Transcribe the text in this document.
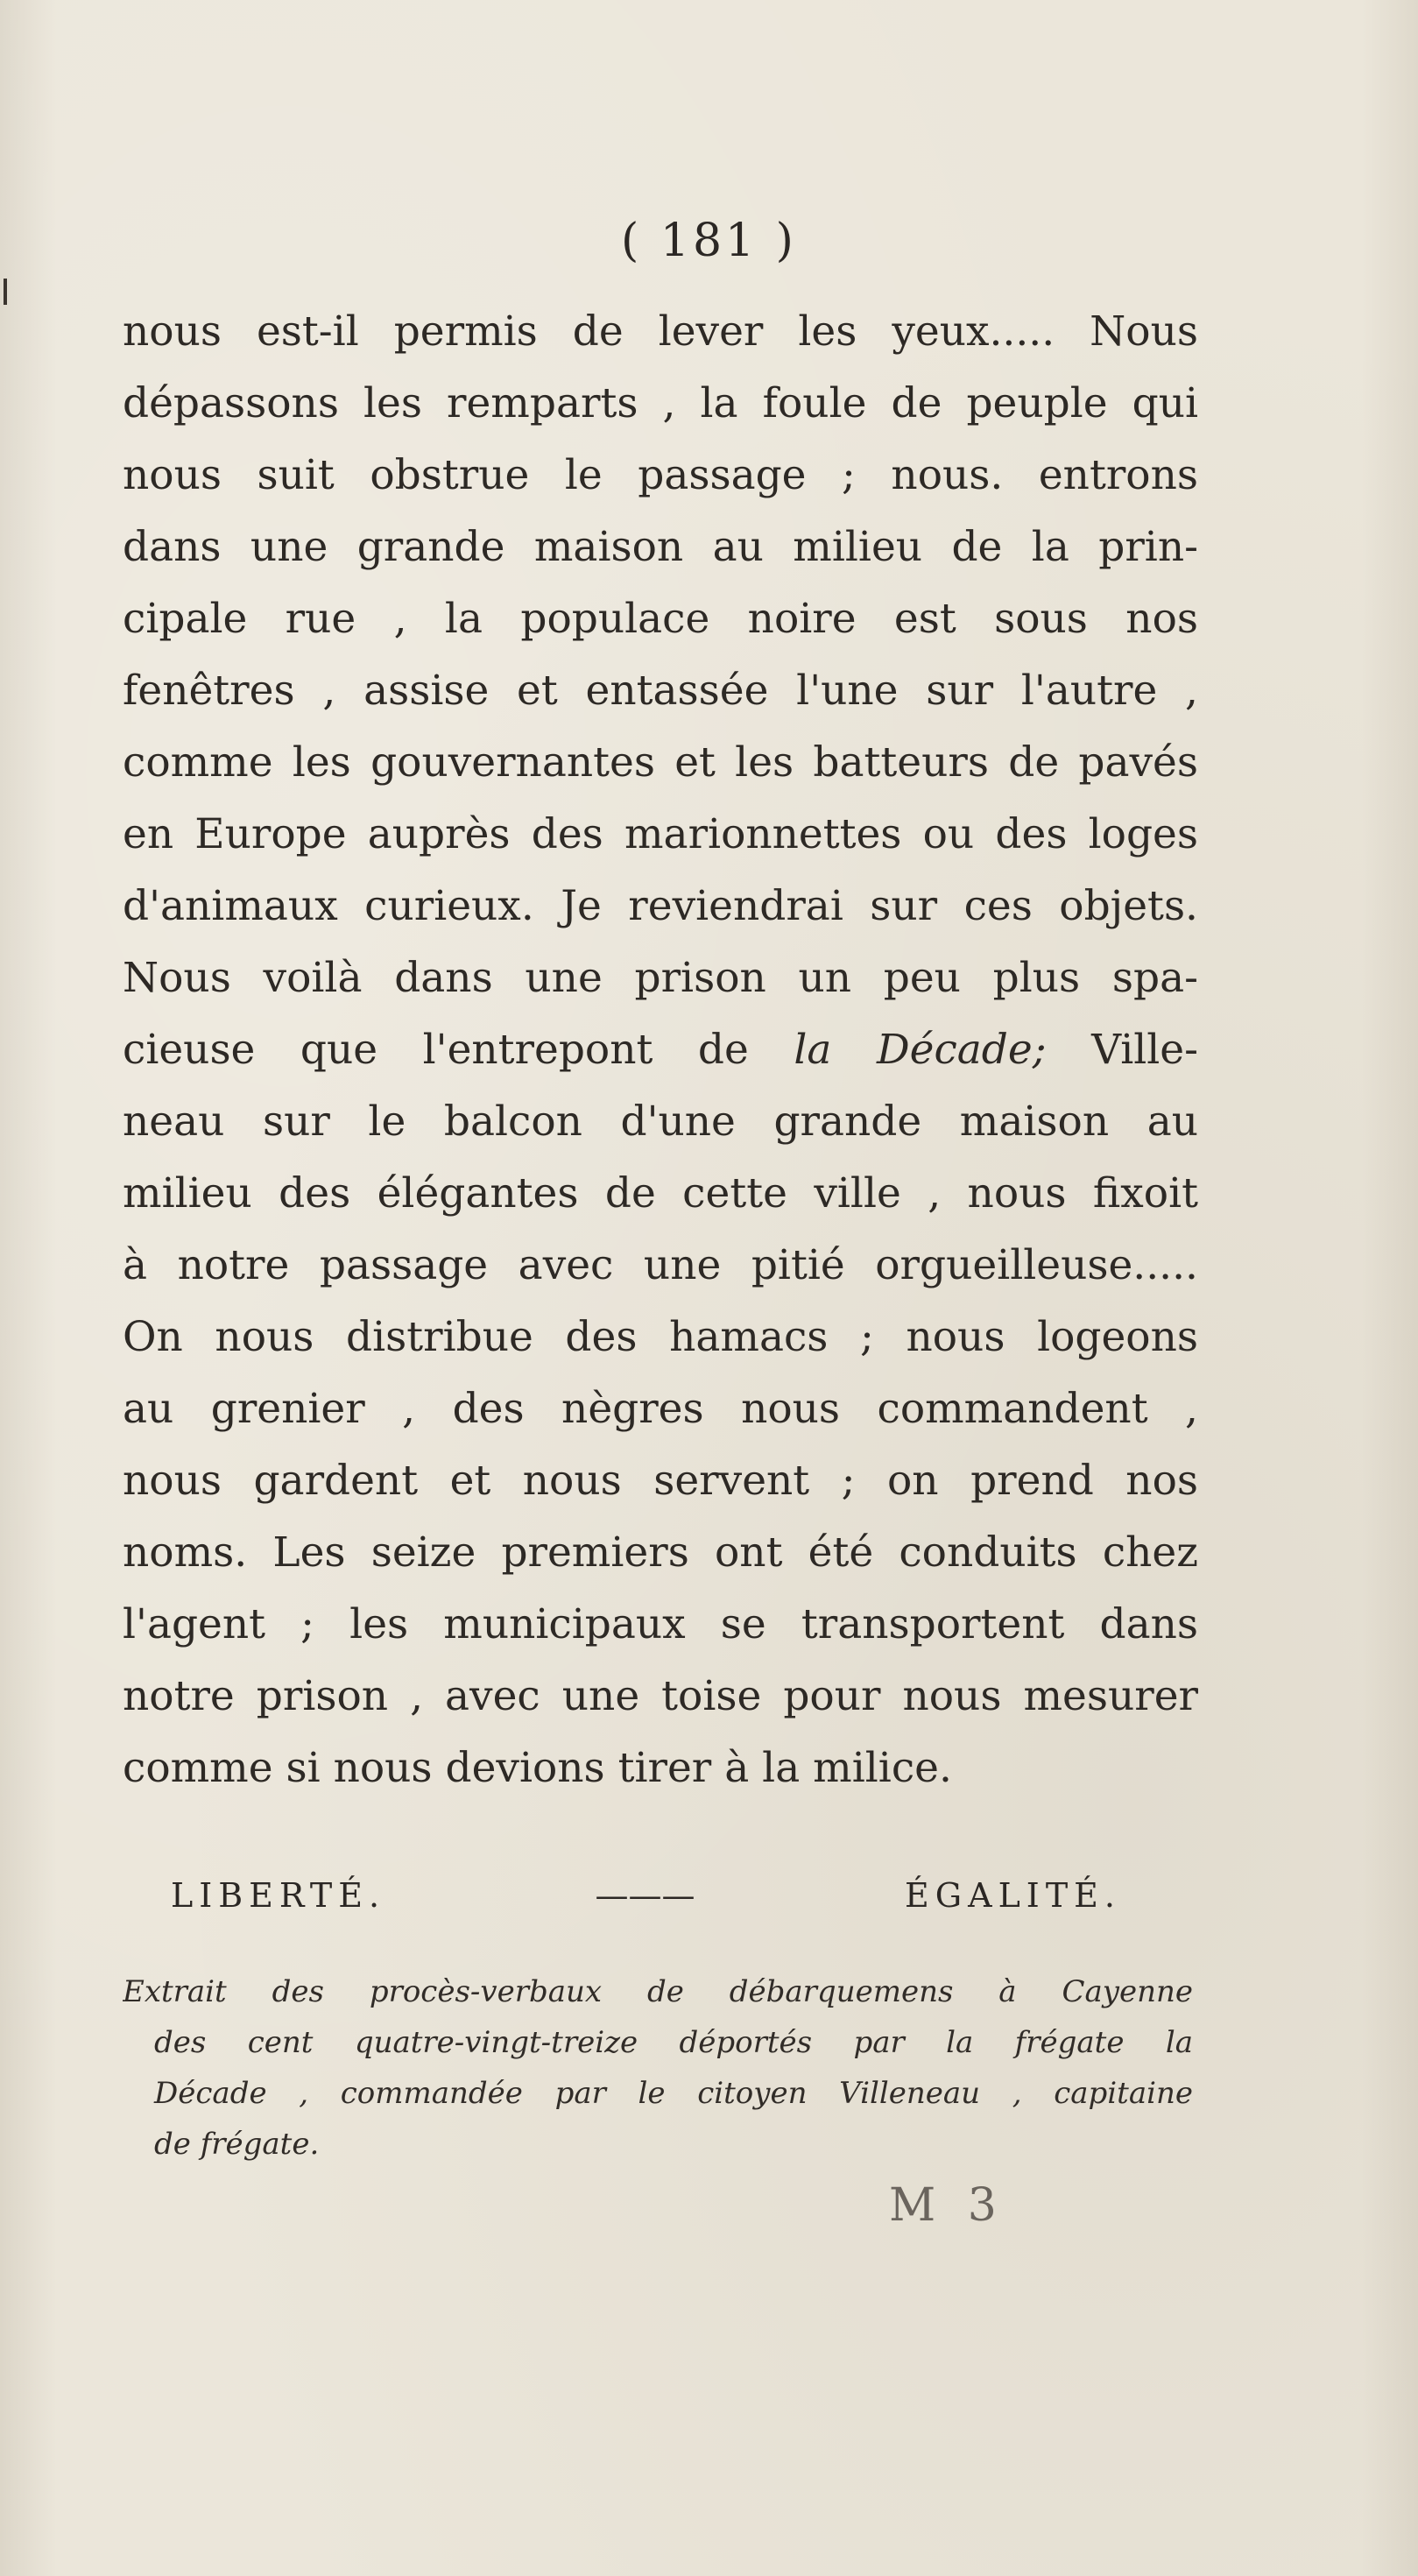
( 181 )
nous est-il permis de lever les yeux..... Nous
dépassons les remparts , la foule de peuple qui
nous suit obstrue le passage ; nous. entrons
dans une grande maison au milieu de la prin-
cipale rue , la populace noire est sous nos
fenêtres , assise et entassée l'une sur l'autre ,
comme les gouvernantes et les batteurs de pavés
en Europe auprès des marionnettes ou des loges
d'animaux curieux. Je reviendrai sur ces objets.
Nous voilà dans une prison un peu plus spa-
cieuse que l'entrepont de la Décade; Ville-
neau sur le balcon d'une grande maison au
milieu des élégantes de cette ville , nous fixoit
à notre passage avec une pitié orgueilleuse.....
On nous distribue des hamacs ; nous logeons
au grenier , des nègres nous commandent ,
nous gardent et nous servent ; on prend nos
noms. Les seize premiers ont été conduits chez
l'agent ; les municipaux se transportent dans
notre prison , avec une toise pour nous mesurer
comme si nous devions tirer à la milice.
LIBERTÉ.	———	ÉGALITÉ.
Extrait des procès-verbaux de débarquemens à Cayenne
des cent quatre-vingt-treize déportés par la frégate la
Décade , commandée par le citoyen Villeneau , capitaine
de frégate.
M 3
